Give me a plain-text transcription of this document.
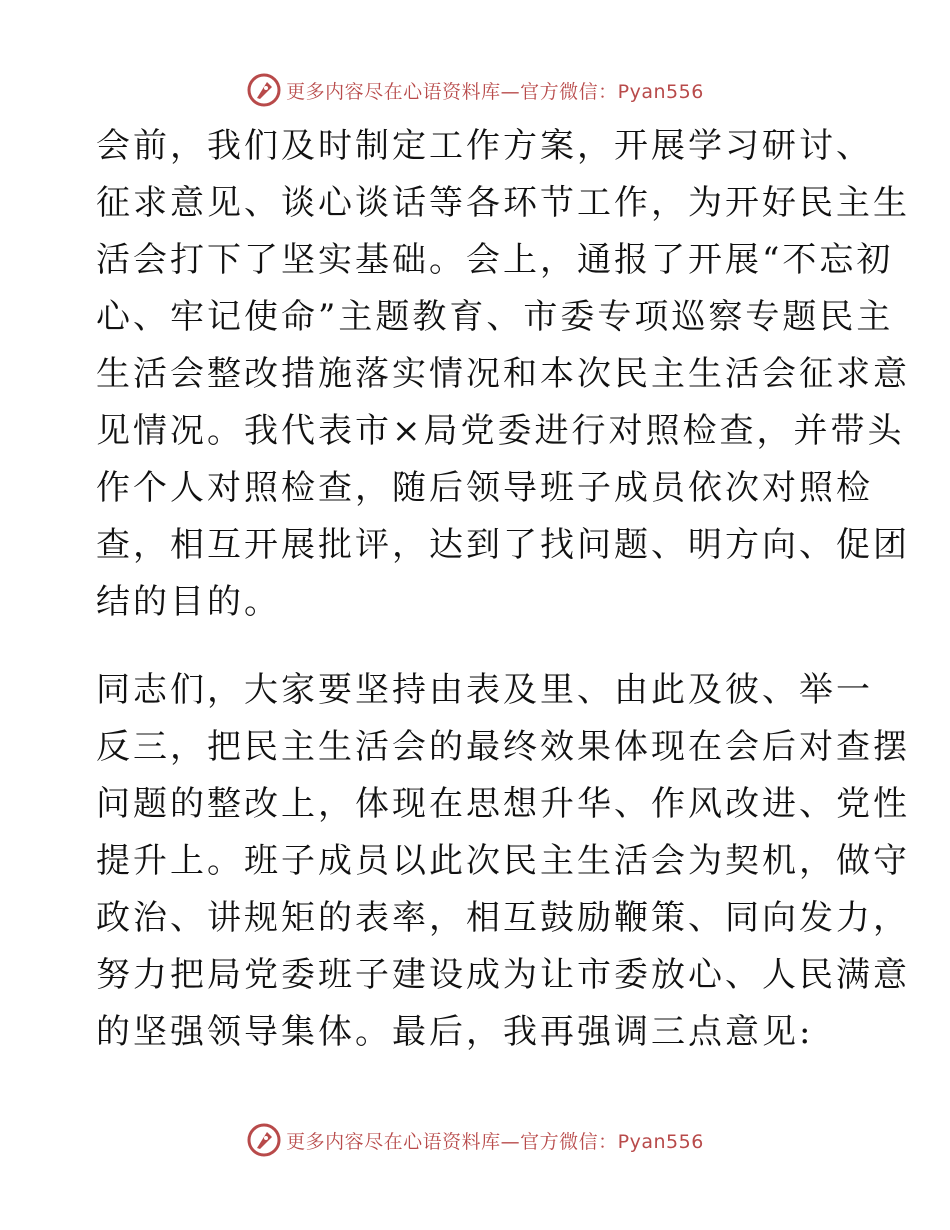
更多内容尽在心语资料库—官方微信：Pyan556
会前，我们及时制定工作方案，开展学习研讨、
征求意见、谈心谈话等各环节工作，为开好民主生
活会打下了坚实基础。会上，通报了开展“不忘初
心、牢记使命”主题教育、市委专项巡察专题民主
生活会整改措施落实情况和本次民主生活会征求意
见情况。我代表市×局党委进行对照检查，并带头
作个人对照检查，随后领导班子成员依次对照检
查，相互开展批评，达到了找问题、明方向、促团
结的目的。
同志们，大家要坚持由表及里、由此及彼、举一
反三，把民主生活会的最终效果体现在会后对查摆
问题的整改上，体现在思想升华、作风改进、党性
提升上。班子成员以此次民主生活会为契机，做守
政治、讲规矩的表率，相互鼓励鞭策、同向发力，
努力把局党委班子建设成为让市委放心、人民满意
的坚强领导集体。最后，我再强调三点意见:
更多内容尽在心语资料库—官方微信：Pyan556
